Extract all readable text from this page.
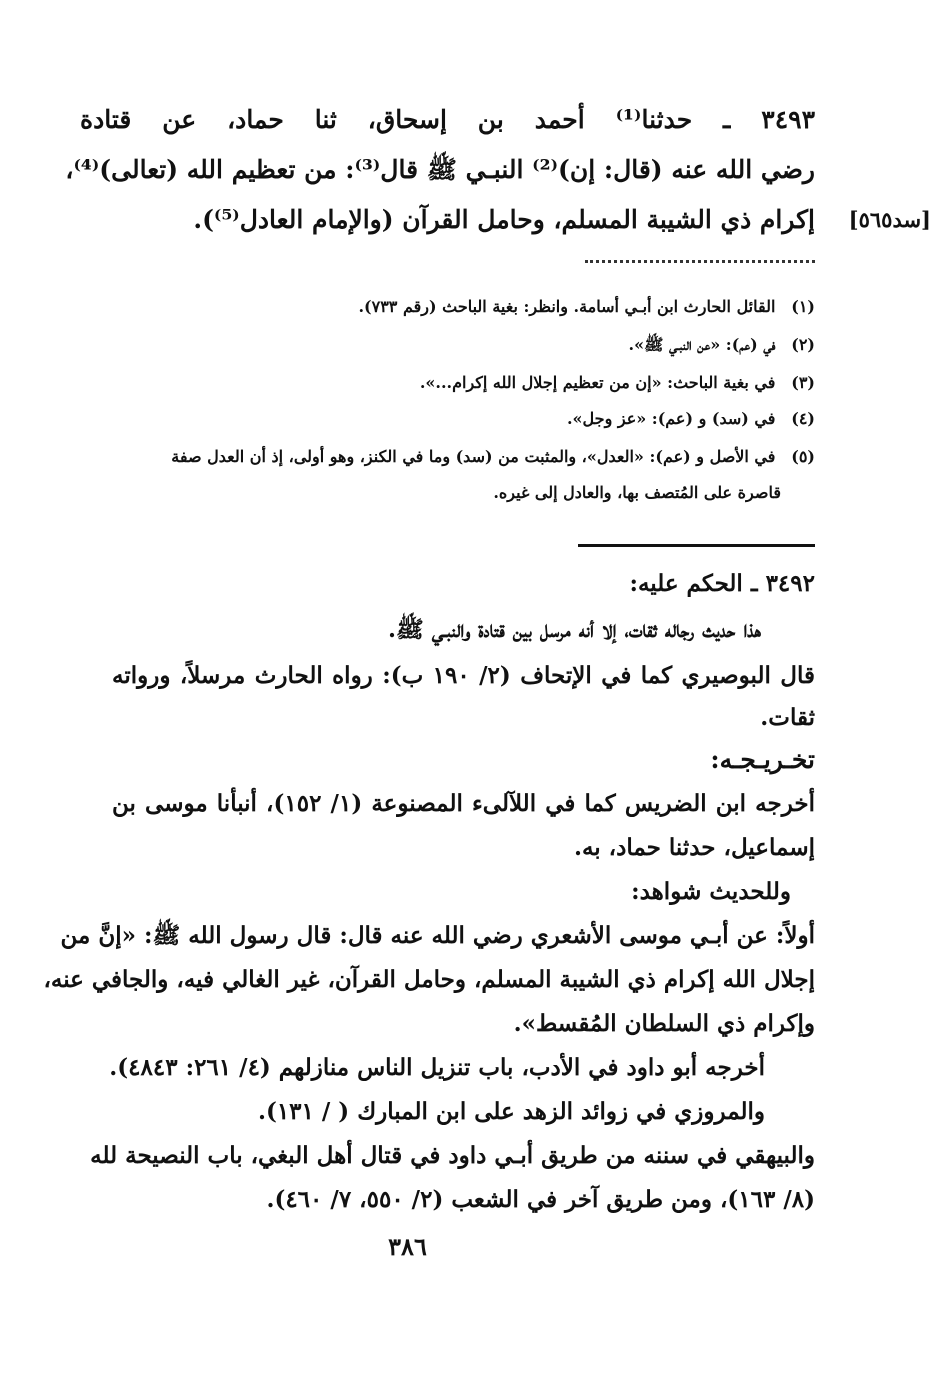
٣٤٩٣ ـ حدثنا⁽¹⁾ أحمد بن إسحاق، ثنا حماد، عن قتادة
رضي الله عنه (قال: إن)⁽²⁾ النبـي ﷺ قال⁽³⁾: من تعظيم الله (تعالى)⁽⁴⁾،
إكرام ذي الشيبة المسلم، وحامل القرآن (والإمام العادل⁽⁵⁾).	[سد٥٦٥]
(١) القائل الحارث ابن أبـي أسامة. وانظر: بغية الباحث (رقم ٧٣٣).
(٢) في (عم): «عن النبـي ﷺ».
(٣) في بغية الباحث: «إن من تعظيم إجلال الله إكرام...».
(٤) في (سد) و (عم): «عز وجل».
(٥) في الأصل و (عم): «العدل»، والمثبت من (سد) وما في الكنز، وهو أولى، إذ أن العدل صفة
قاصرة على المُتصف بها، والعادل إلى غيره.
٣٤٩٢ ـ الحكم عليه:
هذا حديث رجاله ثقات، إلا أنه مرسل بين قتادة والنبـي ﷺ.
قال البوصيري كما في الإتحاف (٢/ ١٩٠ ب): رواه الحارث مرسلاً، ورواته
ثقات.
تخـريـجـه:
أخرجه ابن الضريس كما في اللآلىء المصنوعة (١/ ١٥٢)، أنبأنا موسى بن
إسماعيل، حدثنا حماد، به.
وللحديث شواهد:
أولاً: عن أبـي موسى الأشعري رضي الله عنه قال: قال رسول الله ﷺ: «إنَّ من
إجلال الله إكرام ذي الشيبة المسلم، وحامل القرآن، غير الغالي فيه، والجافي عنه،
وإكرام ذي السلطان المُقسط».
أخرجه أبو داود في الأدب، باب تنزيل الناس منازلهم (٤/ ٢٦١: ٤٨٤٣).
والمروزي في زوائد الزهد على ابن المبارك ( / ١٣١).
والبيهقي في سننه من طريق أبـي داود في قتال أهل البغي، باب النصيحة لله
(٨/ ١٦٣)، ومن طريق آخر في الشعب (٢/ ٥٥٠، ٧/ ٤٦٠).
٣٨٦
